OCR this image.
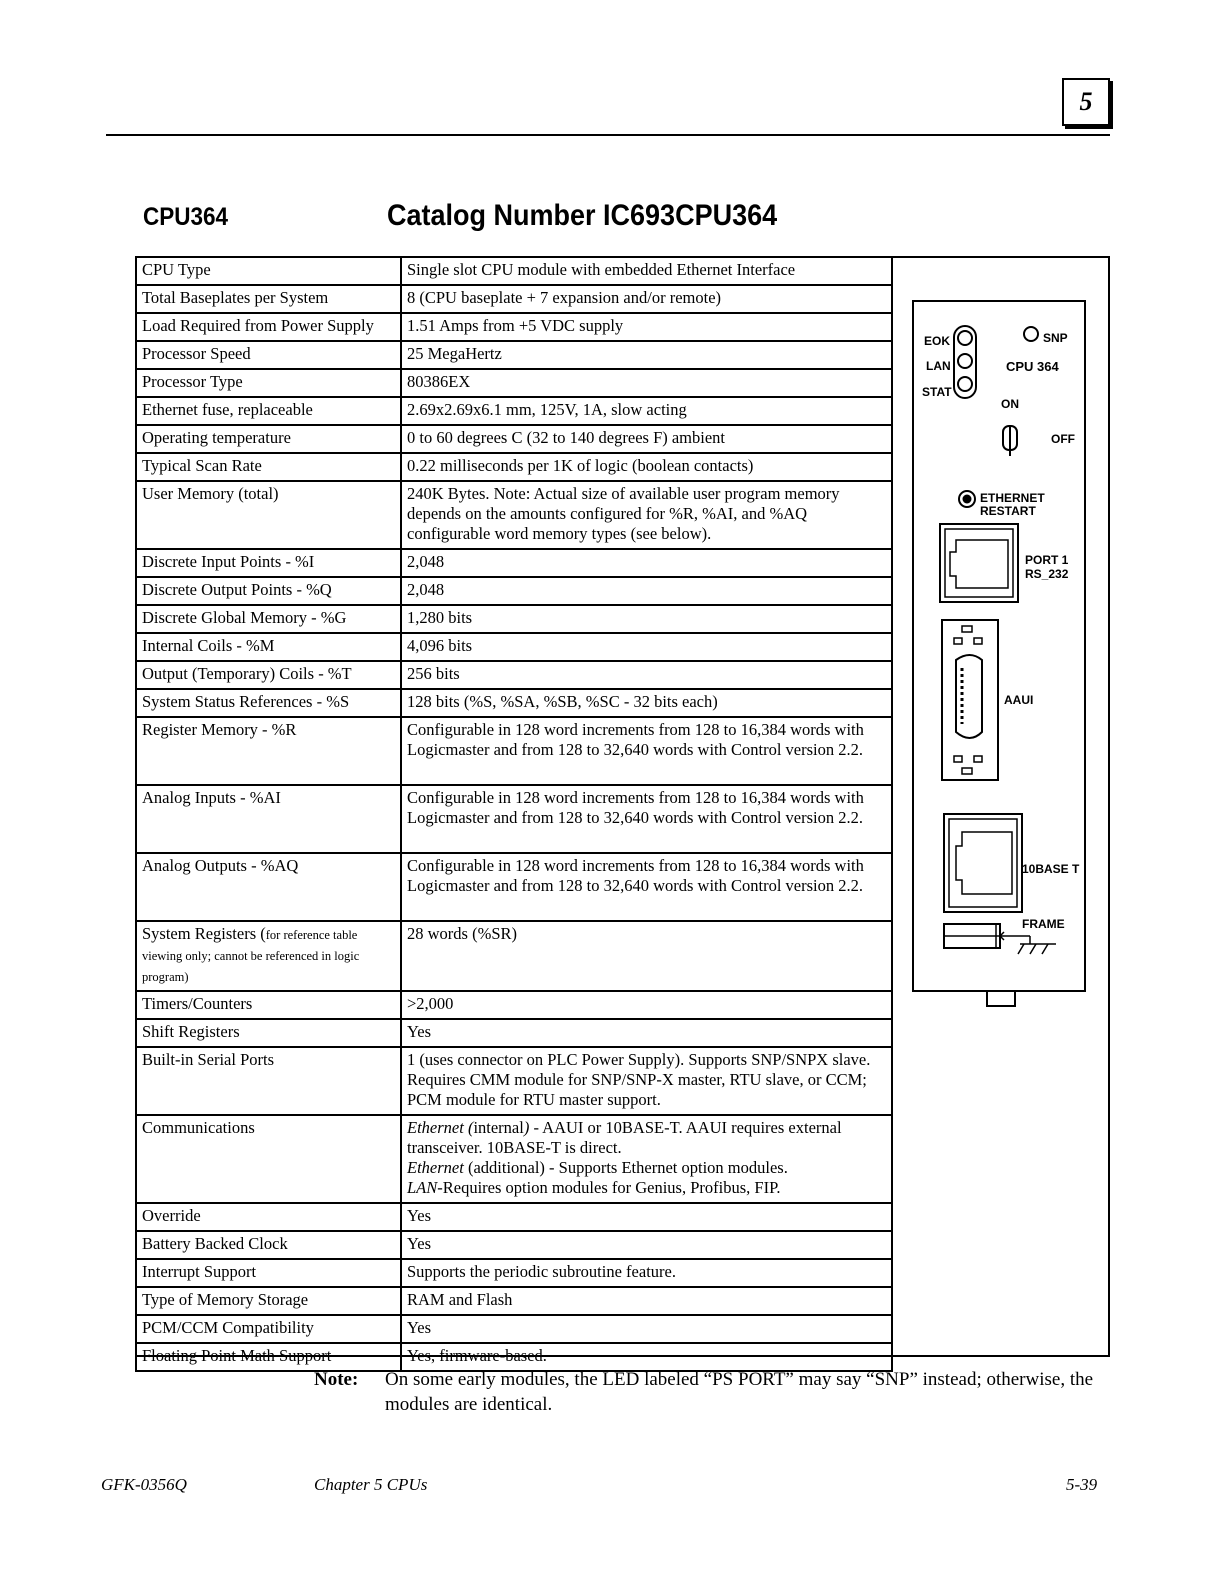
5
CPU364	Catalog Number IC693CPU364
CPU Type	Single slot CPU module with embedded Ethernet Interface
Total Baseplates per System	8 (CPU baseplate + 7 expansion and/or remote)
Load Required from Power Supply	1.51 Amps from +5 VDC supply
Processor Speed	25 MegaHertz
Processor Type	80386EX
Ethernet fuse, replaceable	2.69x2.69x6.1 mm, 125V, 1A, slow acting
Operating temperature	0 to 60 degrees C (32 to 140 degrees F) ambient
Typical Scan Rate	0.22 milliseconds per 1K of logic (boolean contacts)
User Memory (total)	240K Bytes. Note: Actual size of available user program memory depends on the amounts configured for %R, %AI, and %AQ configurable word memory types (see below).
Discrete Input Points - %I	2,048
Discrete Output Points - %Q	2,048
Discrete Global Memory - %G	1,280 bits
Internal Coils - %M	4,096 bits
Output (Temporary) Coils - %T	256 bits
System Status References - %S	128 bits (%S, %SA, %SB, %SC - 32 bits each)
Register Memory - %R	Configurable in 128 word increments from 128 to 16,384 words with Logicmaster and from 128 to 32,640 words with Control version 2.2.
Analog Inputs - %AI	Configurable in 128 word increments from 128 to 16,384 words with Logicmaster and from 128 to 32,640 words with Control version 2.2.
Analog Outputs - %AQ	Configurable in 128 word increments from 128 to 16,384 words with Logicmaster and from 128 to 32,640 words with Control version 2.2.
System Registers (for reference table viewing only; cannot be referenced in logic program)	28 words (%SR)
Timers/Counters	>2,000
Shift Registers	Yes
Built-in Serial Ports	1 (uses connector on PLC Power Supply). Supports SNP/SNPX slave. Requires CMM module for SNP/SNP-X master, RTU slave, or CCM; PCM module for RTU master support.
Communications	Ethernet (internal) - AAUI or 10BASE-T. AAUI requires external transceiver. 10BASE-T is direct.
Ethernet (additional) - Supports Ethernet option modules.
LAN-Requires option modules for Genius, Profibus, FIP.

Override	Yes
Battery Backed Clock	Yes
Interrupt Support	Supports the periodic subroutine feature.
Type of Memory Storage	RAM and Flash
PCM/CCM Compatibility	Yes
Floating Point Math Support	Yes, firmware-based.
EOK
LAN
STAT
SNP
CPU 364
ON
OFF
ETHERNET
RESTART
PORT 1
RS_232
AAUI
10BASE T
FRAME
Note: On some early modules, the LED labeled “PS PORT” may say “SNP” instead; otherwise, the modules are identical.
GFK-0356Q	Chapter 5 CPUs	5-39
